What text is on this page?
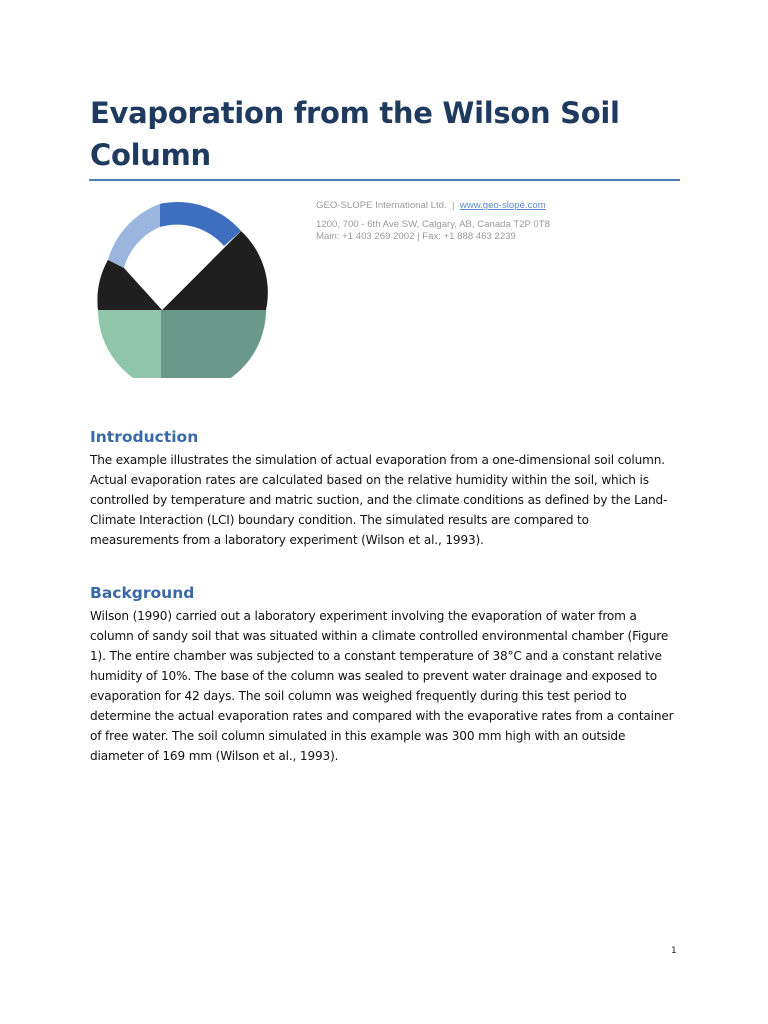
Evaporation from the Wilson Soil Column
GEO-SLOPE International Ltd. | www.geo-slope.com
1200, 700 - 6th Ave SW, Calgary, AB, Canada T2P 0T8
Main: +1 403 269 2002 | Fax: +1 888 463 2239
Introduction

The example illustrates the simulation of actual evaporation from a one-dimensional soil column. Actual evaporation rates are calculated based on the relative humidity within the soil, which is controlled by temperature and matric suction, and the climate conditions as defined by the Land-Climate Interaction (LCI) boundary condition. The simulated results are compared to measurements from a laboratory experiment (Wilson et al., 1993).

Background

Wilson (1990) carried out a laboratory experiment involving the evaporation of water from a column of sandy soil that was situated within a climate controlled environmental chamber (Figure 1). The entire chamber was subjected to a constant temperature of 38°C and a constant relative humidity of 10%. The base of the column was sealed to prevent water drainage and exposed to evaporation for 42 days. The soil column was weighed frequently during this test period to determine the actual evaporation rates and compared with the evaporative rates from a container of free water. The soil column simulated in this example was 300 mm high with an outside diameter of 169 mm (Wilson et al., 1993).

1
